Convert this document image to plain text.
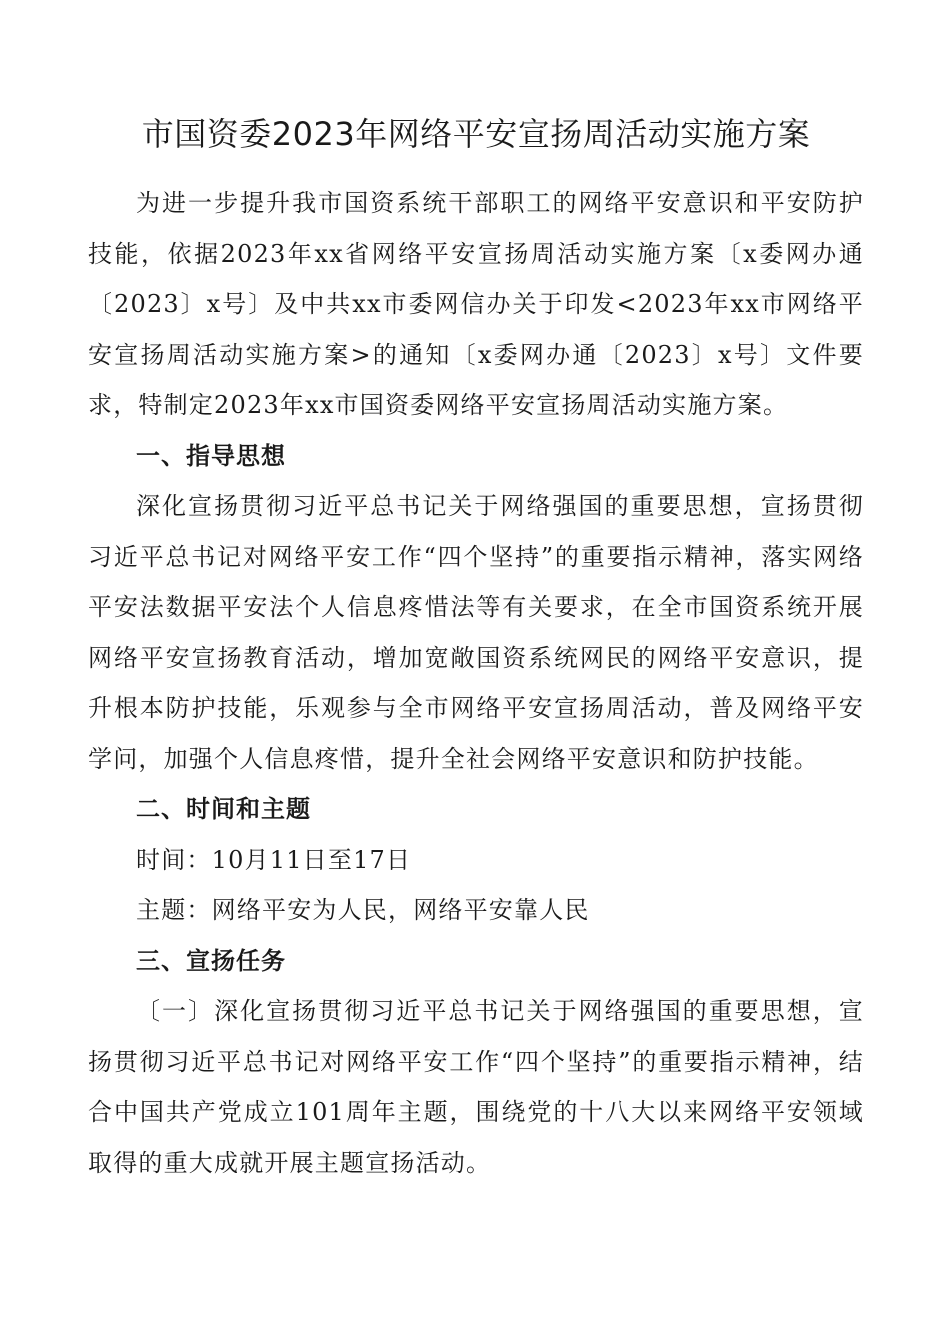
市国资委2023年网络平安宣扬周活动实施方案

为进一步提升我市国资系统干部职工的网络平安意识和平安防护技能，依据2023年xx省网络平安宣扬周活动实施方案〔x委网办通〔2023〕x号〕及中共xx市委网信办关于印发<2023年xx市网络平安宣扬周活动实施方案>的通知〔x委网办通〔2023〕x号〕文件要求，特制定2023年xx市国资委网络平安宣扬周活动实施方案。

一、指导思想

深化宣扬贯彻习近平总书记关于网络强国的重要思想，宣扬贯彻习近平总书记对网络平安工作“四个坚持”的重要指示精神，落实网络平安法数据平安法个人信息疼惜法等有关要求，在全市国资系统开展网络平安宣扬教育活动，增加宽敞国资系统网民的网络平安意识，提升根本防护技能，乐观参与全市网络平安宣扬周活动，普及网络平安学问，加强个人信息疼惜，提升全社会网络平安意识和防护技能。

二、时间和主题

时间：10月11日至17日

主题：网络平安为人民，网络平安靠人民

三、宣扬任务

〔一〕深化宣扬贯彻习近平总书记关于网络强国的重要思想，宣扬贯彻习近平总书记对网络平安工作“四个坚持”的重要指示精神，结合中国共产党成立101周年主题，围绕党的十八大以来网络平安领域取得的重大成就开展主题宣扬活动。
